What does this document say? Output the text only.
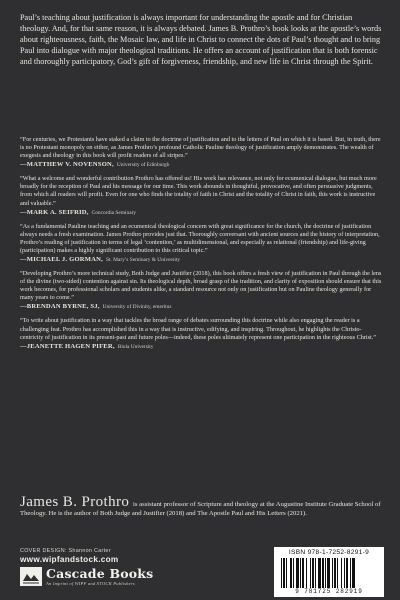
Paul’s teaching about justification is always important for understanding the apostle and for Christian theology. And, for that same reason, it is always debated. James B. Prothro’s book looks at the apostle’s words about righteousness, faith, the Mosaic law, and life in Christ to connect the dots of Paul’s thought and to bring Paul into dialogue with major theological traditions. He offers an account of justification that is both forensic and thoroughly participatory, God’s gift of forgiveness, friendship, and new life in Christ through the Spirit.

“For centuries, we Protestants have staked a claim to the doctrine of justification and to the letters of Paul on which it is based. But, in truth, there is no Protestant monopoly on either, as James Prothro’s profound Catholic Pauline theology of justification amply demonstrates. The wealth of exegesis and theology in this book will profit readers of all stripes.”

—MATTHEW V. NOVENSON, University of Edinburgh

“What a welcome and wonderful contribution Prothro has offered us! His work has relevance, not only for ecumenical dialogue, but much more broadly for the reception of Paul and his message for our time. This work abounds in thoughtful, provocative, and often persuasive judgments, from which all readers will profit. Even for one who finds the totality of faith in Christ and the totality of Christ in faith, this work is instructive and valuable.”

—MARK A. SEIFRID, Concordia Seminary

“As a fundamental Pauline teaching and an ecumenical theological concern with great significance for the church, the doctrine of justification always needs a fresh examination. James Prothro provides just that. Thoroughly conversant with ancient sources and the history of interpretation, Prothro’s reading of justification in terms of legal ‘contention,’ as multidimensional, and especially as relational (friendship) and life-giving (participation) makes a highly significant contribution to this critical topic.”

—MICHAEL J. GORMAN, St. Mary’s Seminary & University

“Developing Prothro’s more technical study, Both Judge and Justifier (2018), this book offers a fresh view of justification in Paul through the lens of the divine (two-sided) contention against sin. Its theological depth, broad grasp of the tradition, and clarity of exposition should ensure that this work becomes, for professional scholars and students alike, a standard resource not only on justification but on Pauline theology generally for many years to come.”

—BRENDAN BYRNE, SJ, University of Divinity, emeritus

“To write about justification in a way that tackles the broad range of debates surrounding this doctrine while also engaging the reader is a challenging feat. Prothro has accomplished this in a way that is instructive, edifying, and inspiring. Throughout, he highlights the Christo-centricity of justification in its present-past and future poles—indeed, these poles ultimately represent one participation in the righteous Christ.”

—JEANETTE HAGEN PIFER, Biola University

James B. Prothro is assistant professor of Scripture and theology at the Augustine Institute Graduate School of Theology. He is the author of Both Judge and Justifier (2018) and The Apostle Paul and His Letters (2021).

COVER DESIGN: Shannon Carter

www.wipfandstock.com
Cascade Books
An Imprint of WIPF and STOCK Publishers
ISBN 978-1-7252-8291-9
9 781725 282919
